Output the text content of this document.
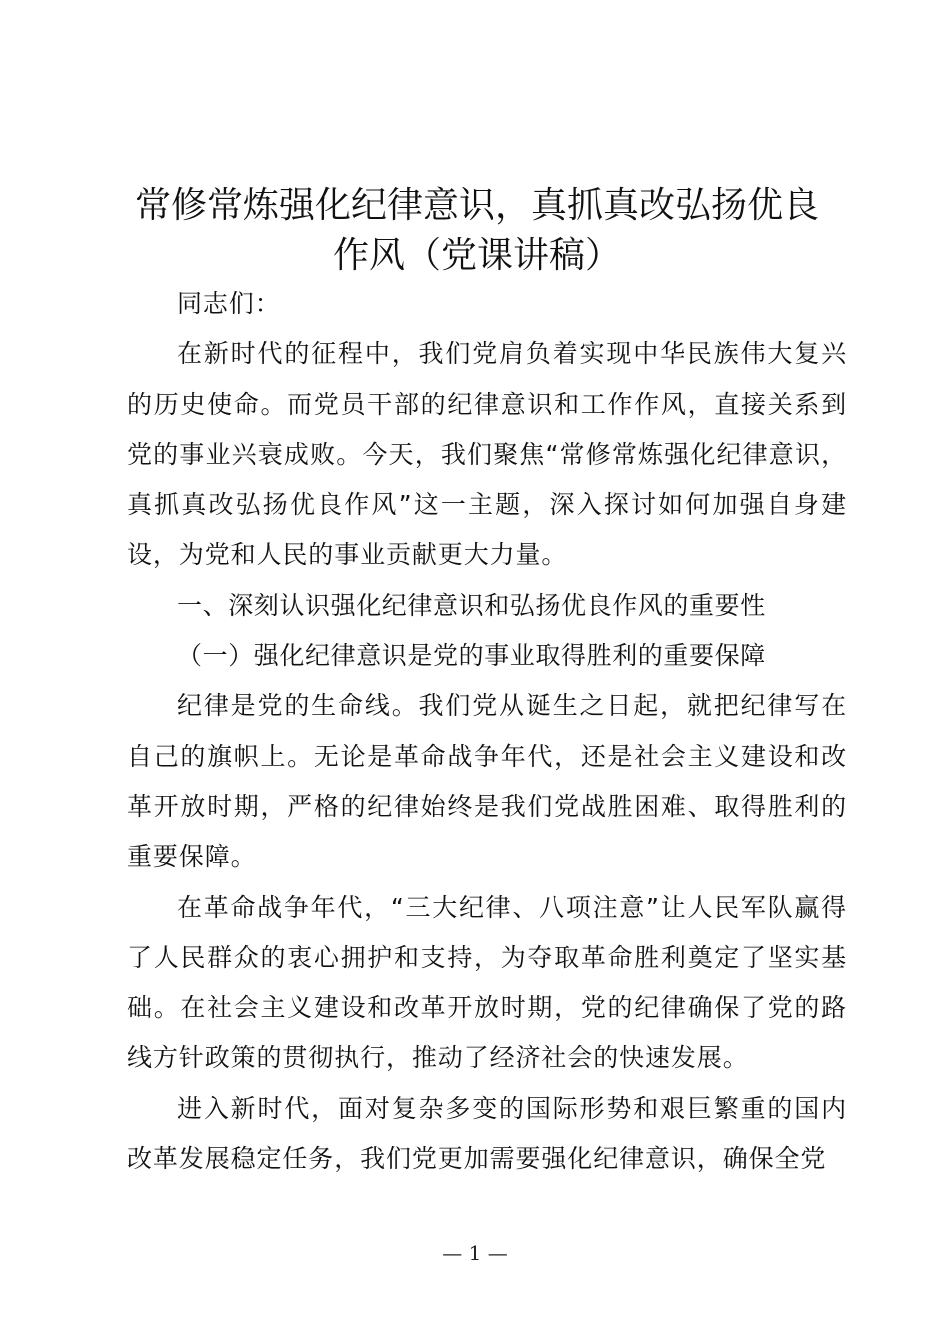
常修常炼强化纪律意识，真抓真改弘扬优良作风（党课讲稿）

同志们：

在新时代的征程中，我们党肩负着实现中华民族伟大复兴的历史使命。而党员干部的纪律意识和工作作风，直接关系到党的事业兴衰成败。今天，我们聚焦“常修常炼强化纪律意识，真抓真改弘扬优良作风”这一主题，深入探讨如何加强自身建设，为党和人民的事业贡献更大力量。

一、深刻认识强化纪律意识和弘扬优良作风的重要性

（一）强化纪律意识是党的事业取得胜利的重要保障

纪律是党的生命线。我们党从诞生之日起，就把纪律写在自己的旗帜上。无论是革命战争年代，还是社会主义建设和改革开放时期，严格的纪律始终是我们党战胜困难、取得胜利的重要保障。

在革命战争年代，“三大纪律、八项注意”让人民军队赢得了人民群众的衷心拥护和支持，为夺取革命胜利奠定了坚实基础。在社会主义建设和改革开放时期，党的纪律确保了党的路线方针政策的贯彻执行，推动了经济社会的快速发展。

进入新时代，面对复杂多变的国际形势和艰巨繁重的国内改革发展稳定任务，我们党更加需要强化纪律意识，确保全党

— 1 —
